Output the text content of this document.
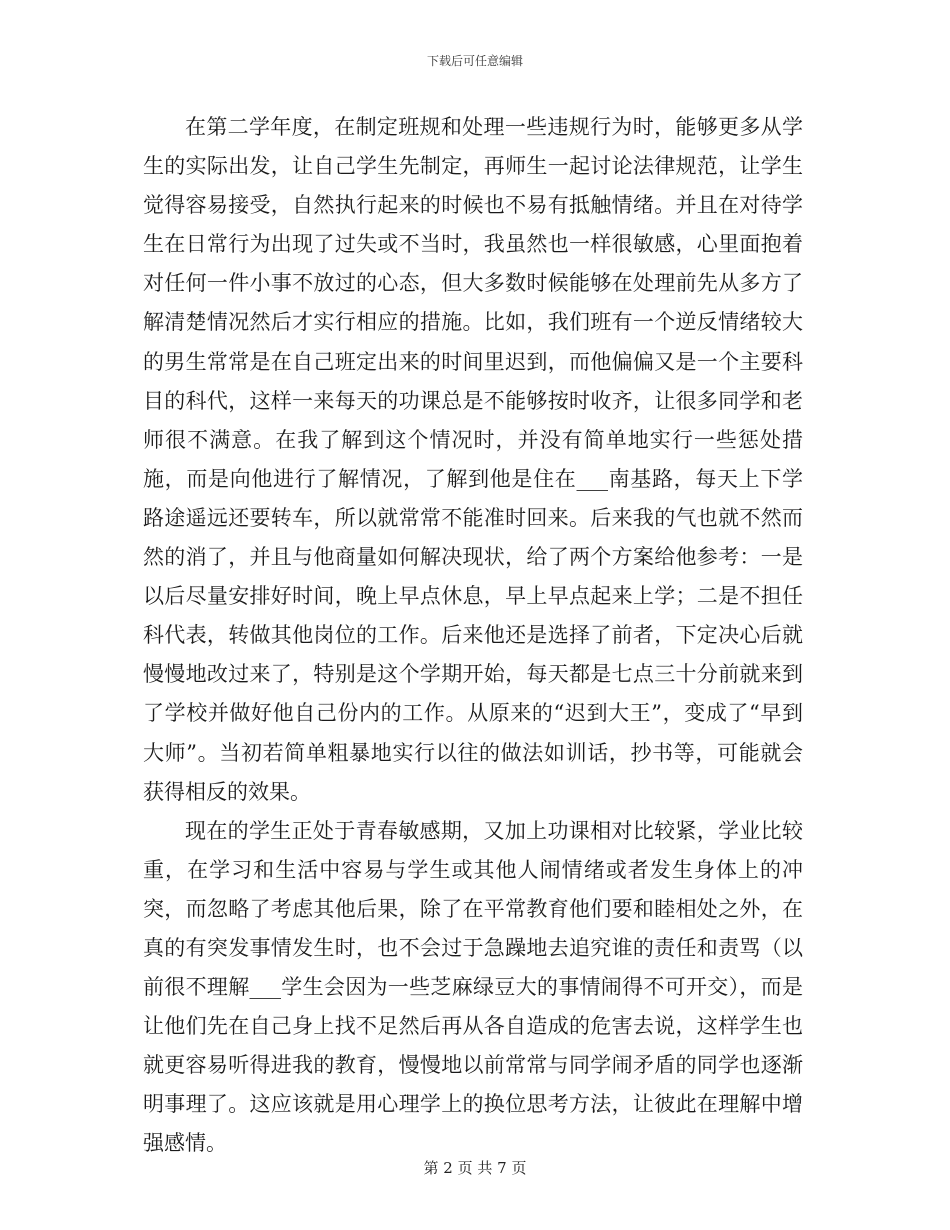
下载后可任意编辑

在第二学年度，在制定班规和处理一些违规行为时，能够更多从学生的实际出发，让自己学生先制定，再师生一起讨论法律规范，让学生觉得容易接受，自然执行起来的时候也不易有抵触情绪。并且在对待学生在日常行为出现了过失或不当时，我虽然也一样很敏感，心里面抱着对任何一件小事不放过的心态，但大多数时候能够在处理前先从多方了解清楚情况然后才实行相应的措施。比如，我们班有一个逆反情绪较大的男生常常是在自己班定出来的时间里迟到，而他偏偏又是一个主要科目的科代，这样一来每天的功课总是不能够按时收齐，让很多同学和老师很不满意。在我了解到这个情况时，并没有简单地实行一些惩处措施，而是向他进行了解情况，了解到他是住在___南基路，每天上下学路途遥远还要转车，所以就常常不能准时回来。后来我的气也就不然而然的消了，并且与他商量如何解决现状，给了两个方案给他参考：一是以后尽量安排好时间，晚上早点休息，早上早点起来上学；二是不担任科代表，转做其他岗位的工作。后来他还是选择了前者，下定决心后就慢慢地改过来了，特别是这个学期开始，每天都是七点三十分前就来到了学校并做好他自己份内的工作。从原来的“迟到大王”，变成了“早到大师”。当初若简单粗暴地实行以往的做法如训话，抄书等，可能就会获得相反的效果。

现在的学生正处于青春敏感期，又加上功课相对比较紧，学业比较重，在学习和生活中容易与学生或其他人闹情绪或者发生身体上的冲突，而忽略了考虑其他后果，除了在平常教育他们要和睦相处之外，在真的有突发事情发生时，也不会过于急躁地去追究谁的责任和责骂（以前很不理解___学生会因为一些芝麻绿豆大的事情闹得不可开交），而是让他们先在自己身上找不足然后再从各自造成的危害去说，这样学生也就更容易听得进我的教育，慢慢地以前常常与同学闹矛盾的同学也逐渐明事理了。这应该就是用心理学上的换位思考方法，让彼此在理解中增强感情。

第 2 页 共 7 页
